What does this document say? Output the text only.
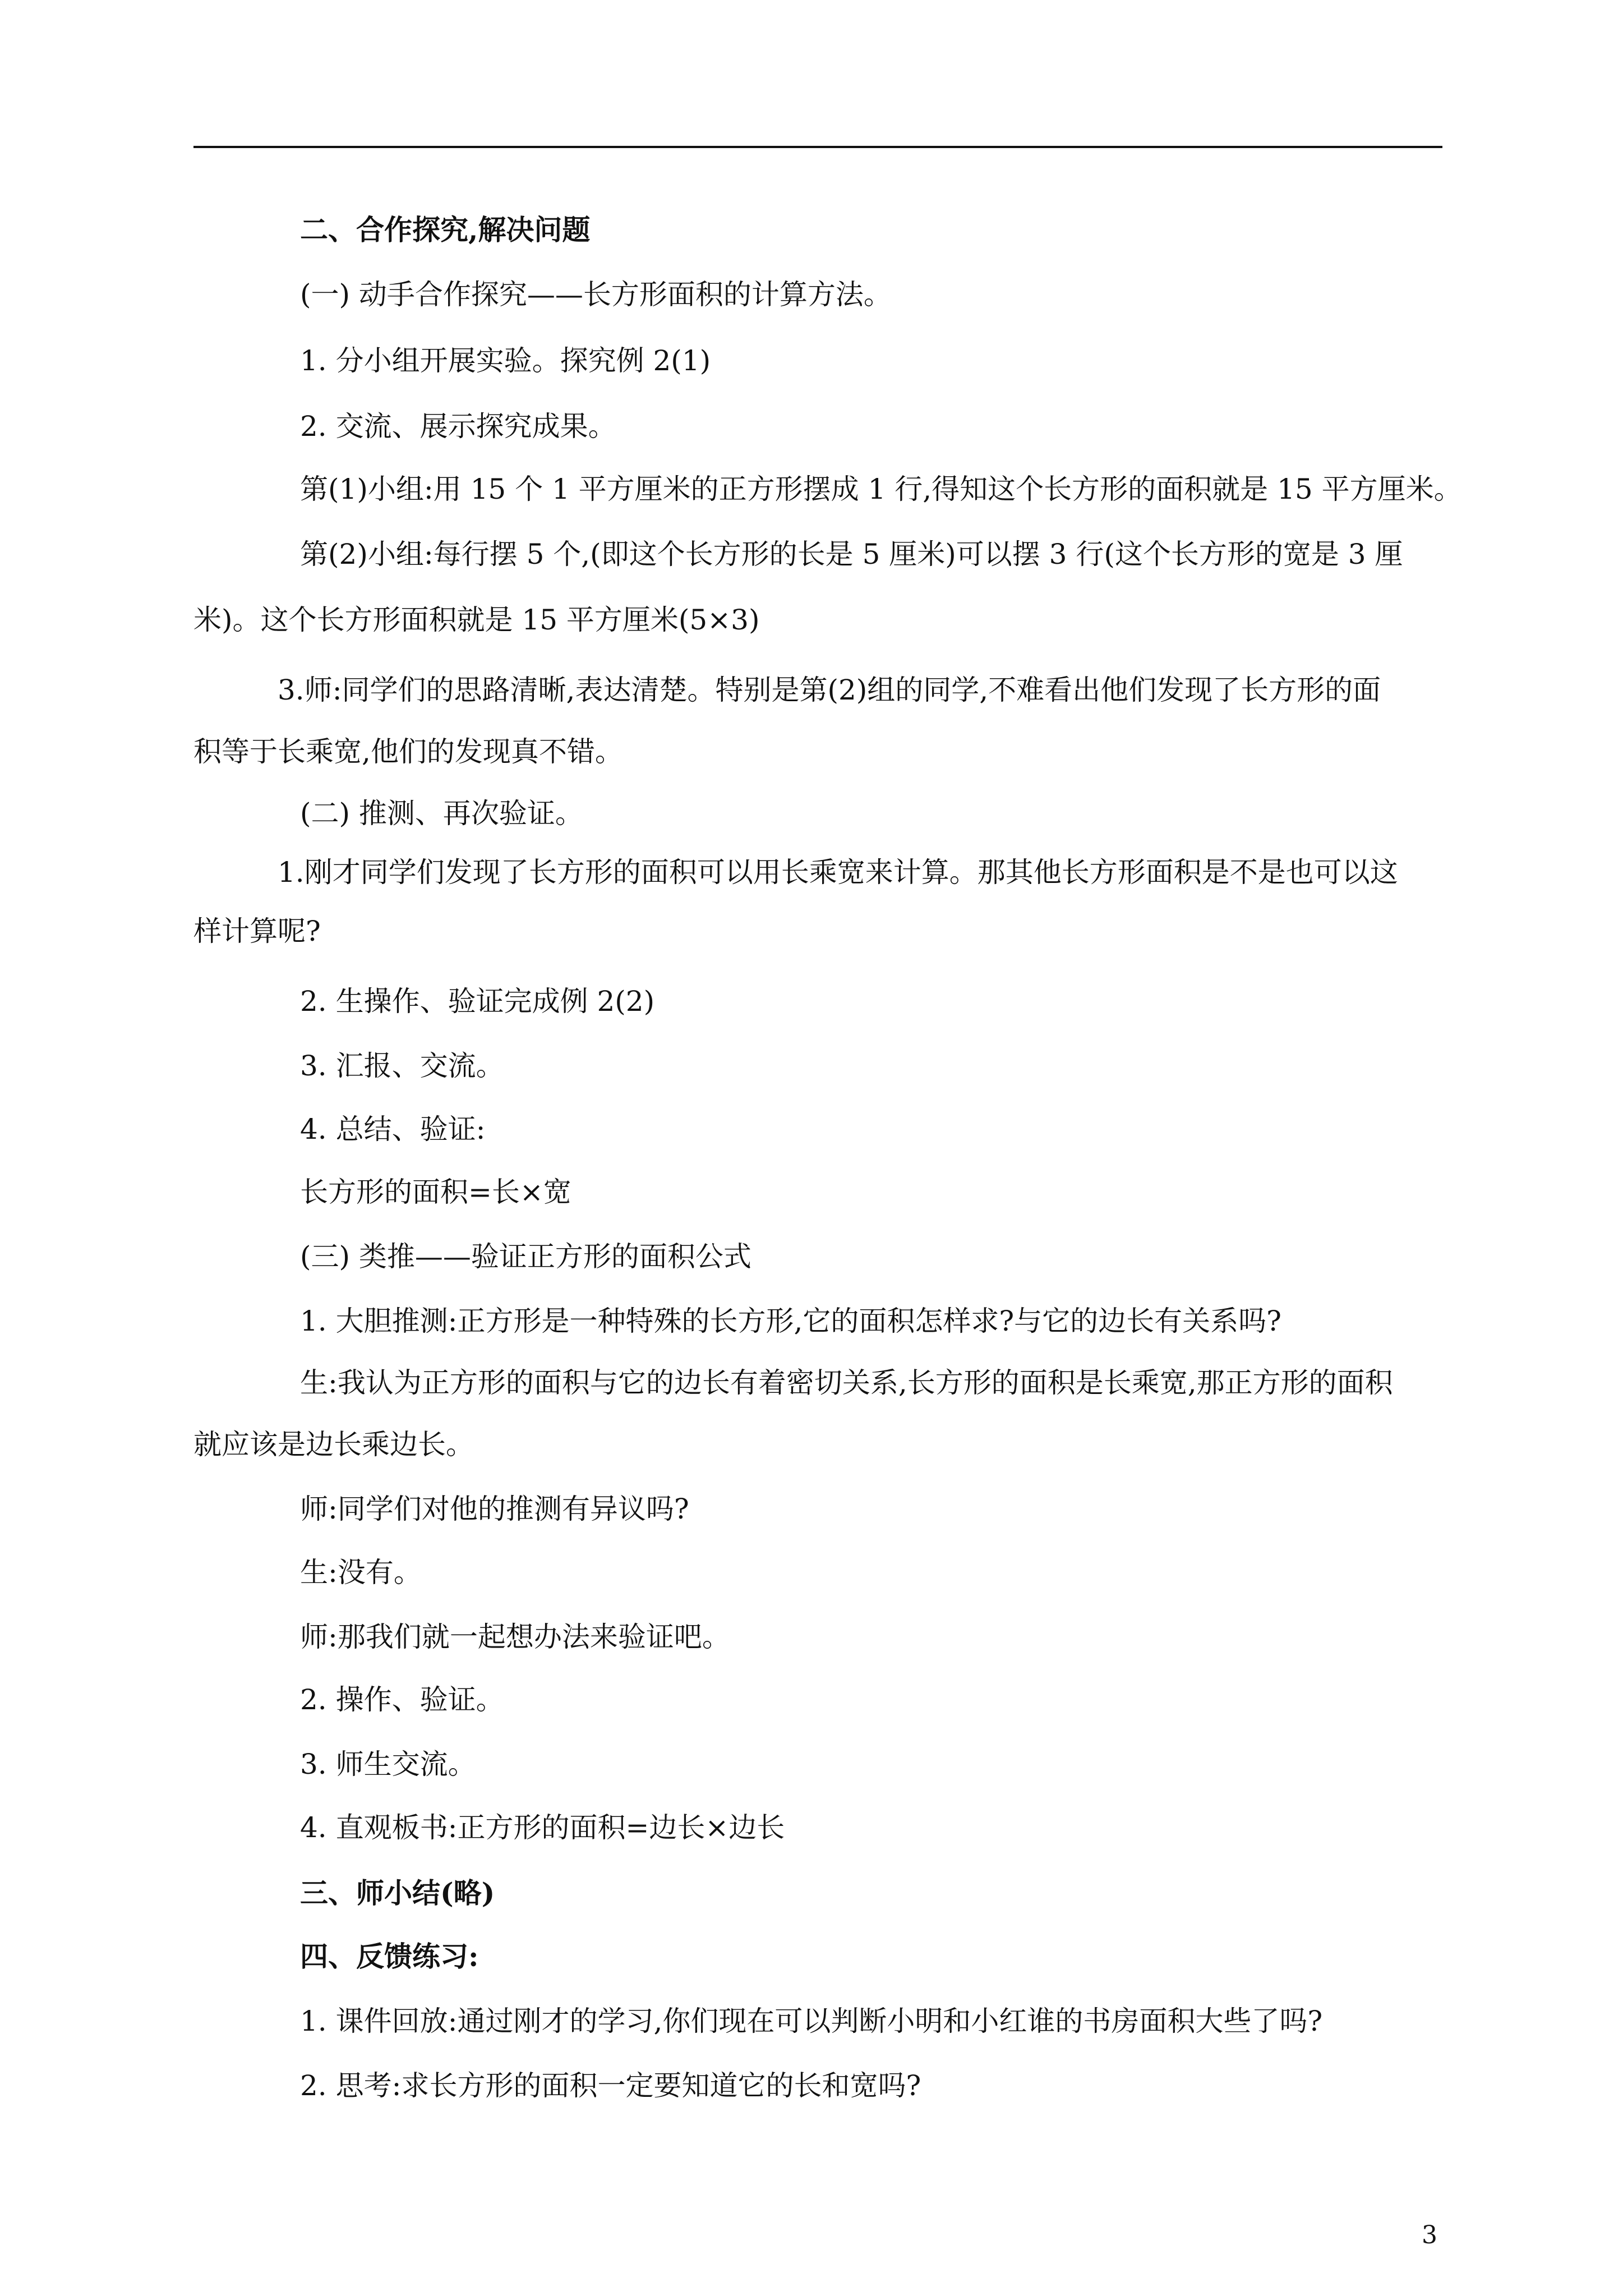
二、合作探究,解决问题
(一) 动手合作探究——长方形面积的计算方法。
1. 分小组开展实验。探究例 2(1)
2. 交流、展示探究成果。
第(1)小组:用 15 个 1 平方厘米的正方形摆成 1 行,得知这个长方形的面积就是 15 平方厘米。
第(2)小组:每行摆 5 个,(即这个长方形的长是 5 厘米)可以摆 3 行(这个长方形的宽是 3 厘
米)。这个长方形面积就是 15 平方厘米(5×3)
3.师:同学们的思路清晰,表达清楚。特别是第(2)组的同学,不难看出他们发现了长方形的面
积等于长乘宽,他们的发现真不错。
(二) 推测、再次验证。
1.刚才同学们发现了长方形的面积可以用长乘宽来计算。那其他长方形面积是不是也可以这
样计算呢?
2. 生操作、验证完成例 2(2)
3. 汇报、交流。
4. 总结、验证:
长方形的面积=长×宽
(三) 类推——验证正方形的面积公式
1. 大胆推测:正方形是一种特殊的长方形,它的面积怎样求?与它的边长有关系吗?
生:我认为正方形的面积与它的边长有着密切关系,长方形的面积是长乘宽,那正方形的面积
就应该是边长乘边长。
师:同学们对他的推测有异议吗?
生:没有。
师:那我们就一起想办法来验证吧。
2. 操作、验证。
3. 师生交流。
4. 直观板书:正方形的面积=边长×边长
三、师小结(略)
四、反馈练习:
1. 课件回放:通过刚才的学习,你们现在可以判断小明和小红谁的书房面积大些了吗?
2. 思考:求长方形的面积一定要知道它的长和宽吗?
3
